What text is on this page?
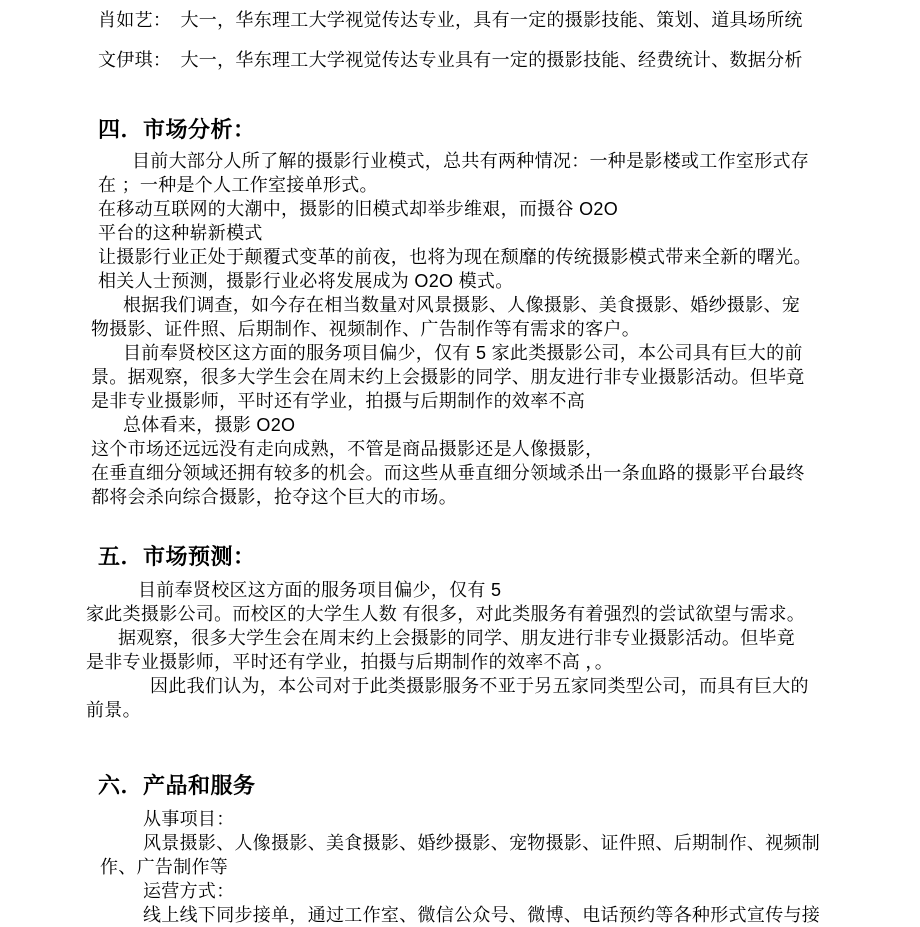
肖如艺：　大一，华东理工大学视觉传达专业，具有一定的摄影技能、策划、道具场所统
文伊琪：　大一，华东理工大学视觉传达专业具有一定的摄影技能、经费统计、数据分析
四．市场分析：
目前大部分人所了解的摄影行业模式，总共有两种情况：一种是影楼或工作室形式存
在 ；一种是个人工作室接单形式。
在移动互联网的大潮中，摄影的旧模式却举步维艰，而摄谷 O2O
平台的这种崭新模式
让摄影行业正处于颠覆式变革的前夜，也将为现在颓靡的传统摄影模式带来全新的曙光。
相关人士预测，摄影行业必将发展成为 O2O 模式。
根据我们调查，如今存在相当数量对风景摄影、人像摄影、美食摄影、婚纱摄影、宠
物摄影、证件照、后期制作、视频制作、广告制作等有需求的客户。
目前奉贤校区这方面的服务项目偏少，仅有 5 家此类摄影公司，本公司具有巨大的前
景。据观察，很多大学生会在周末约上会摄影的同学、朋友进行非专业摄影活动。但毕竟
是非专业摄影师，平时还有学业，拍摄与后期制作的效率不高
总体看来，摄影 O2O
这个市场还远远没有走向成熟，不管是商品摄影还是人像摄影，
在垂直细分领域还拥有较多的机会。而这些从垂直细分领域杀出一条血路的摄影平台最终
都将会杀向综合摄影，抢夺这个巨大的市场。
五．市场预测：
目前奉贤校区这方面的服务项目偏少，仅有 5
家此类摄影公司。而校区的大学生人数 有很多，对此类服务有着强烈的尝试欲望与需求。
据观察，很多大学生会在周末约上会摄影的同学、朋友进行非专业摄影活动。但毕竟
是非专业摄影师，平时还有学业，拍摄与后期制作的效率不高 ，。
因此我们认为，本公司对于此类摄影服务不亚于另五家同类型公司，而具有巨大的
前景。
六．产品和服务
从事项目：
风景摄影、人像摄影、美食摄影、婚纱摄影、宠物摄影、证件照、后期制作、视频制
作、广告制作等
运营方式：
线上线下同步接单，通过工作室、微信公众号、微博、电话预约等各种形式宣传与接
